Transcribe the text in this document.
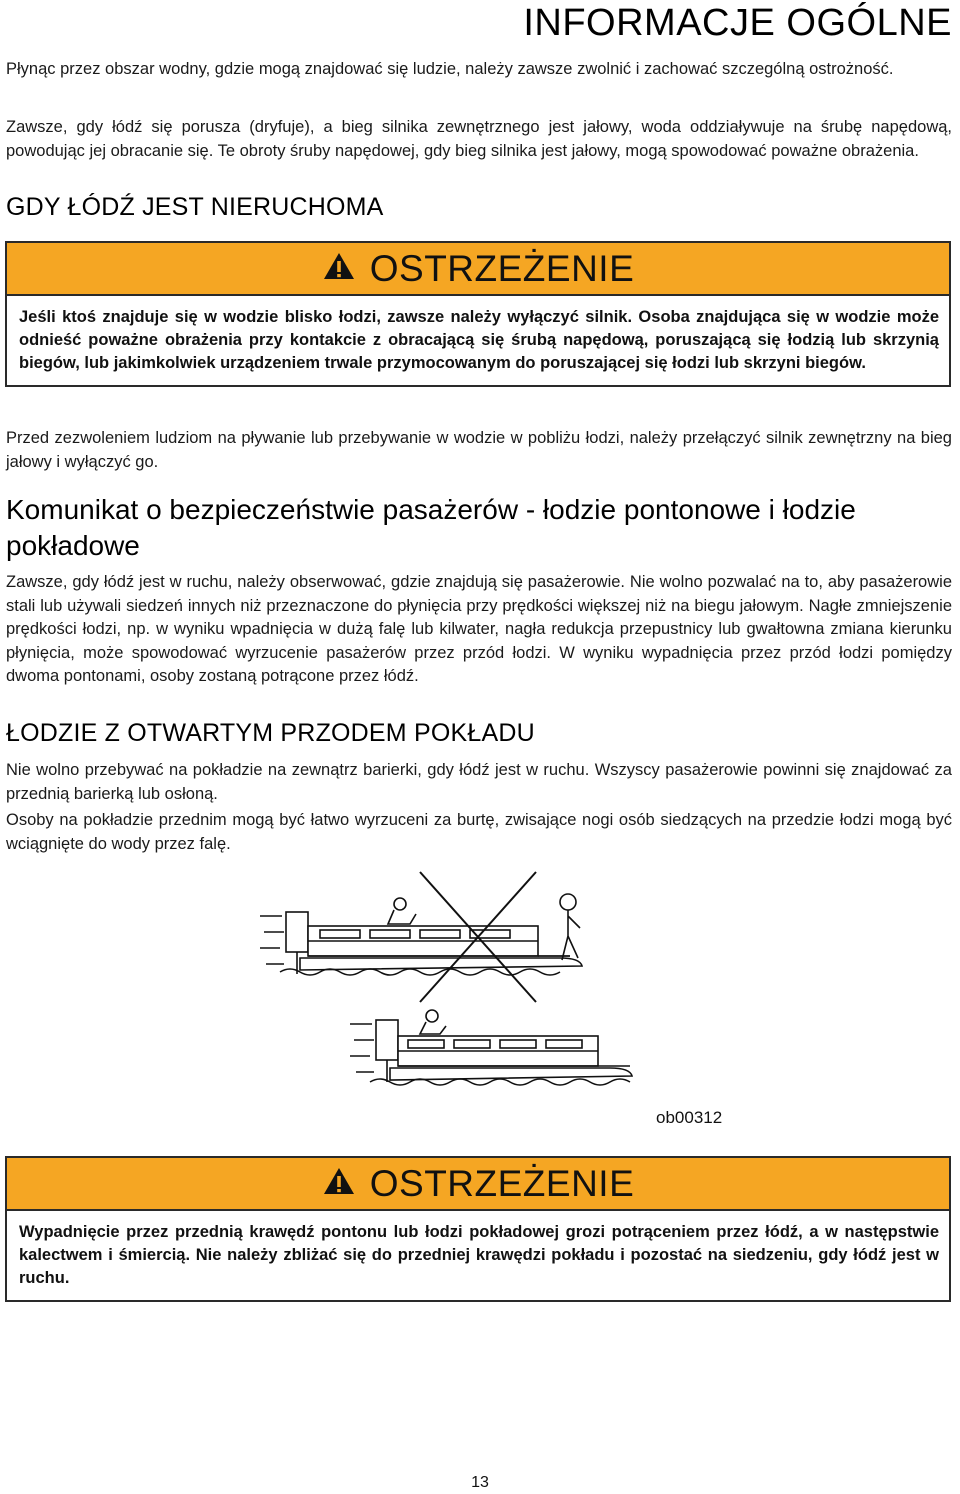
INFORMACJE OGÓLNE

Płynąc przez obszar wodny, gdzie mogą znajdować się ludzie, należy zawsze zwolnić i zachować szczególną ostrożność.

Zawsze, gdy łódź się porusza (dryfuje), a bieg silnika zewnętrznego jest jałowy, woda oddziaływuje na śrubę napędową, powodując jej obracanie się. Te obroty śruby napędowej, gdy bieg silnika jest jałowy, mogą spowodować poważne obrażenia.

GDY ŁÓDŹ JEST NIERUCHOMA
OSTRZEŻENIE
Jeśli ktoś znajduje się w wodzie blisko łodzi, zawsze należy wyłączyć silnik. Osoba znajdująca się w wodzie może odnieść poważne obrażenia przy kontakcie z obracającą się śrubą napędową, poruszającą się łodzią lub skrzynią biegów, lub jakimkolwiek urządzeniem trwale przymocowanym do poruszającej się łodzi lub skrzyni biegów.

Przed zezwoleniem ludziom na pływanie lub przebywanie w wodzie w pobliżu łodzi, należy przełączyć silnik zewnętrzny na bieg jałowy i wyłączyć go.

Komunikat o bezpieczeństwie pasażerów - łodzie pontonowe i łodzie pokładowe

Zawsze, gdy łódź jest w ruchu, należy obserwować, gdzie znajdują się pasażerowie. Nie wolno pozwalać na to, aby pasażerowie stali lub używali siedzeń innych niż przeznaczone do płynięcia przy prędkości większej niż na biegu jałowym. Nagłe zmniejszenie prędkości łodzi, np. w wyniku wpadnięcia w dużą falę lub kilwater, nagła redukcja przepustnicy lub gwałtowna zmiana kierunku płynięcia, może spowodować wyrzucenie pasażerów przez przód łodzi. W wyniku wypadnięcia przez przód łodzi pomiędzy dwoma pontonami, osoby zostaną potrącone przez łódź.

ŁODZIE Z OTWARTYM PRZODEM POKŁADU

Nie wolno przebywać na pokładzie na zewnątrz barierki, gdy łódź jest w ruchu. Wszyscy pasażerowie powinni się znajdować za przednią barierką lub osłoną.

Osoby na pokładzie przednim mogą być łatwo wyrzuceni za burtę, zwisające nogi osób siedzących na przedzie łodzi mogą być wciągnięte do wody przez falę.

ob00312
OSTRZEŻENIE
Wypadnięcie przez przednią krawędź pontonu lub łodzi pokładowej grozi potrąceniem przez łódź, a w następstwie kalectwem i śmiercią. Nie należy zbliżać się do przedniej krawędzi pokładu i pozostać na siedzeniu, gdy łódź jest w ruchu.
13
